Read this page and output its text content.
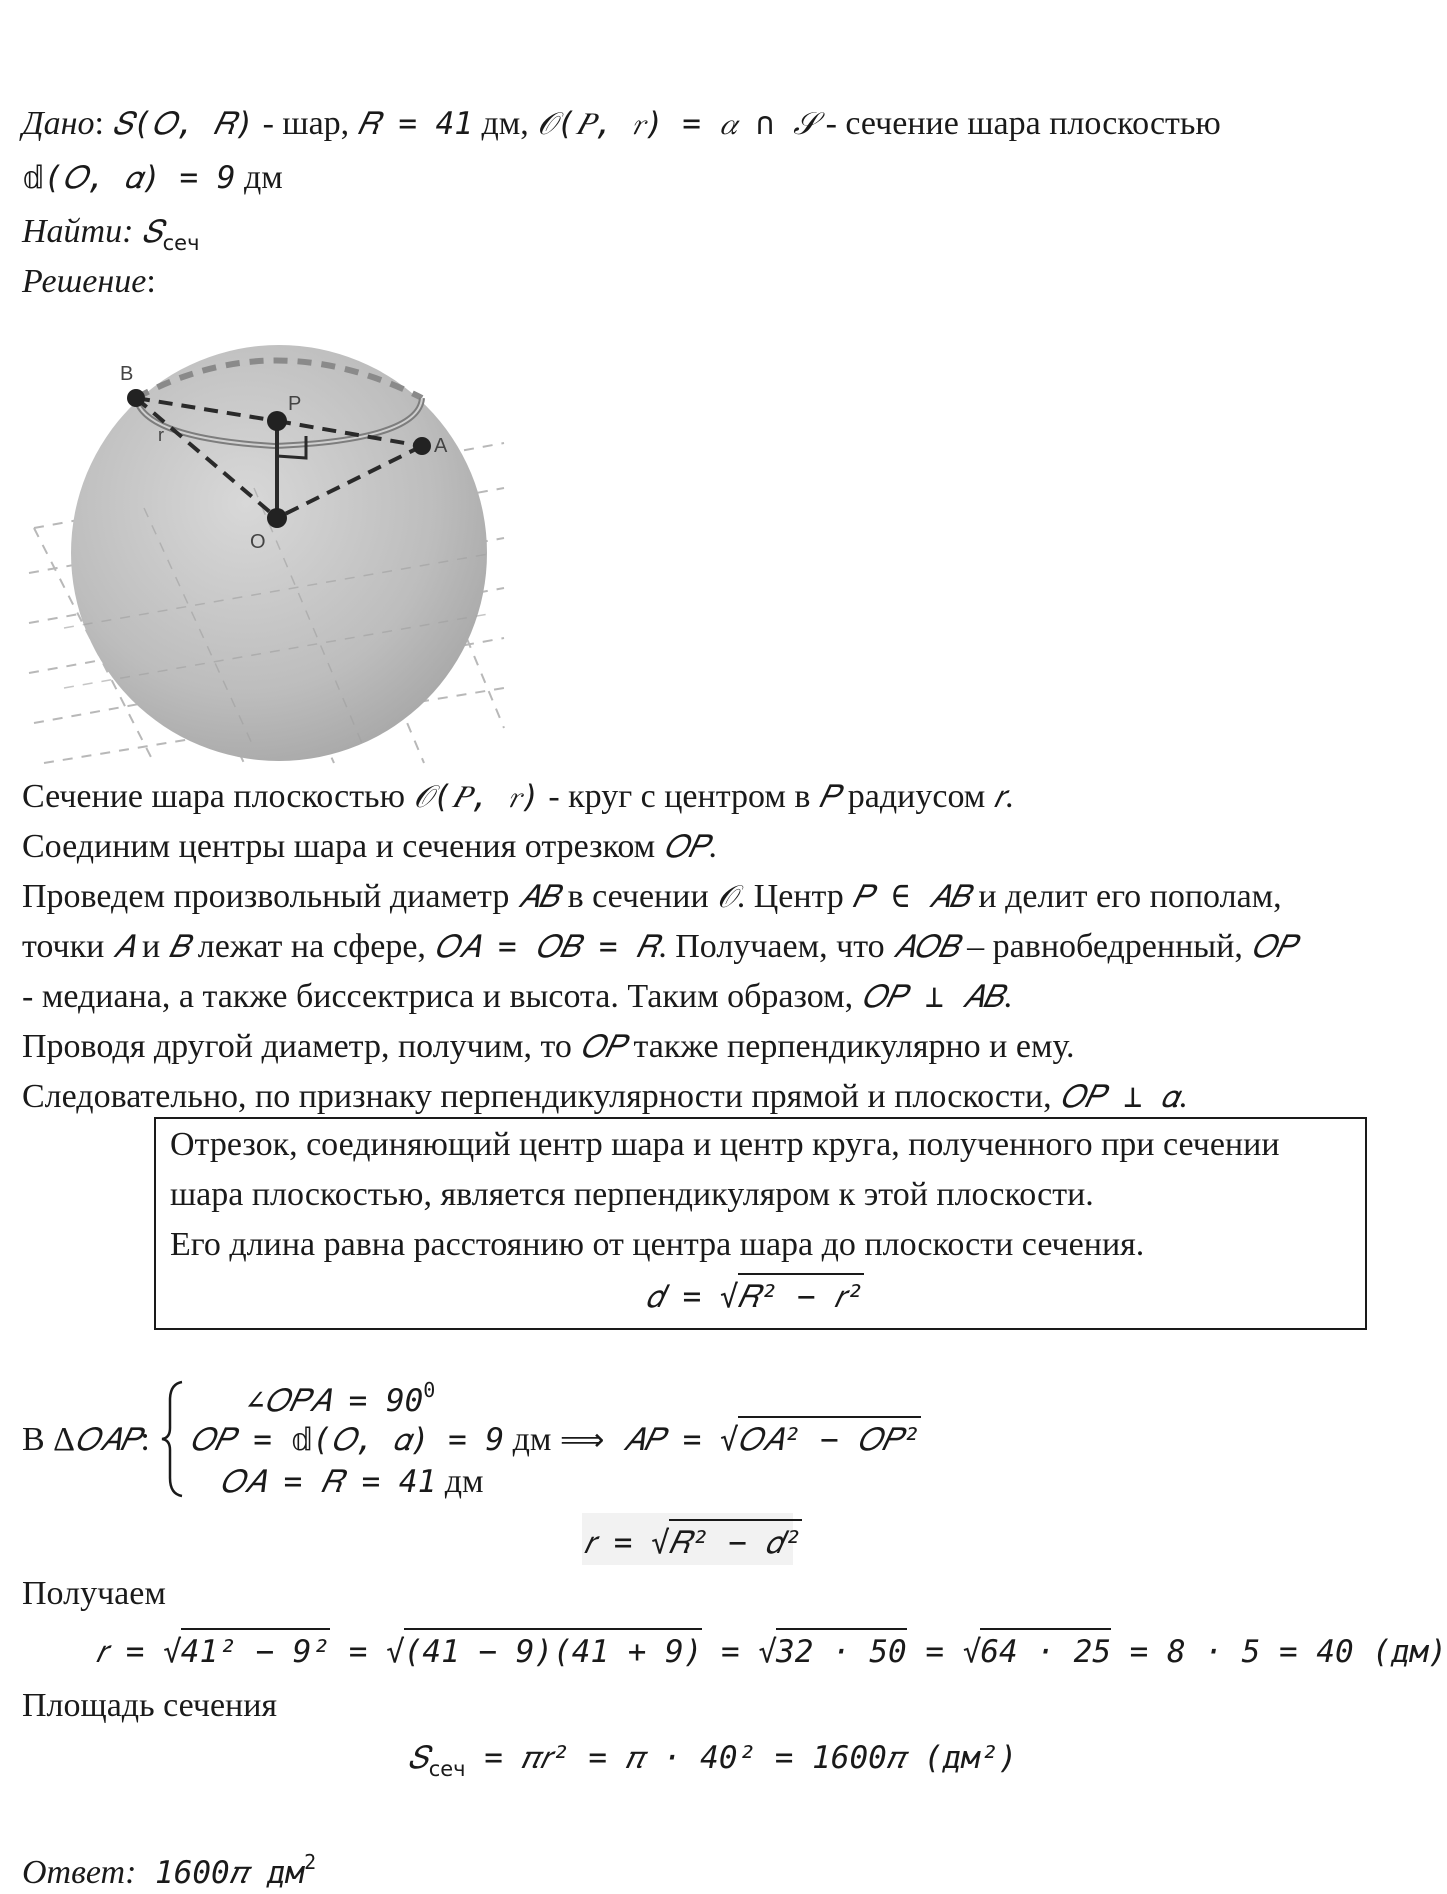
Дано: 𝑆(𝑂, 𝑅) - шар, 𝑅 = 41 дм, 𝒪(𝑃, 𝑟) = 𝛼 ∩ 𝒮 - сечение шара плоскостью
𝕕(𝑂, 𝛼) = 9 дм
Найти: 𝑆$_{сеч}$
Решение:
B
P
A
O
r
Сечение шара плоскостью 𝒪(𝑃, 𝑟) - круг с центром в 𝑃 радиусом 𝑟.
Соединим центры шара и сечения отрезком 𝑂𝑃.
Проведем произвольный диаметр 𝐴𝐵 в сечении 𝒪. Центр 𝑃 ∈ 𝐴𝐵 и делит его пополам,
точки 𝐴 и 𝐵 лежат на сфере, 𝑂𝐴 = 𝑂𝐵 = 𝑅. Получаем, что 𝐴𝑂𝐵 – равнобедренный, 𝑂𝑃
- медиана, а также биссектриса и высота. Таким образом, 𝑂𝑃 ⊥ 𝐴𝐵.
Проводя другой диаметр, получим, то 𝑂𝑃 также перпендикулярно и ему.
Следовательно, по признаку перпендикулярности прямой и плоскости, 𝑂𝑃 ⊥ 𝛼.
Отрезок, соединяющий центр шара и центр круга, полученного при сечении
шара плоскостью, является перпендикуляром к этой плоскости.
Его длина равна расстоянию от центра шара до плоскости сечения.
𝑑 = √𝑅² − 𝑟²
В Δ𝑂𝐴𝑃:
∠𝑂𝑃𝐴 = $90^0$
𝑂𝑃 = 𝕕(𝑂, 𝛼) = 9 дм ⟹ 𝐴𝑃 = √𝑂𝐴² − 𝑂𝑃²
𝑂𝐴 = 𝑅 = 41 дм
𝑟 = √𝑅² − 𝑑²
Получаем
𝑟 = √41² − 9² = √(41 − 9)(41 + 9) = √32 · 50 = √64 · 25 = 8 · 5 = 40 (дм)
Площадь сечения
𝑆$_{сеч}$ = 𝜋𝑟² = 𝜋 · 40² = 1600𝜋 (дм²)
Ответ: 1600𝜋 $дм^2$
